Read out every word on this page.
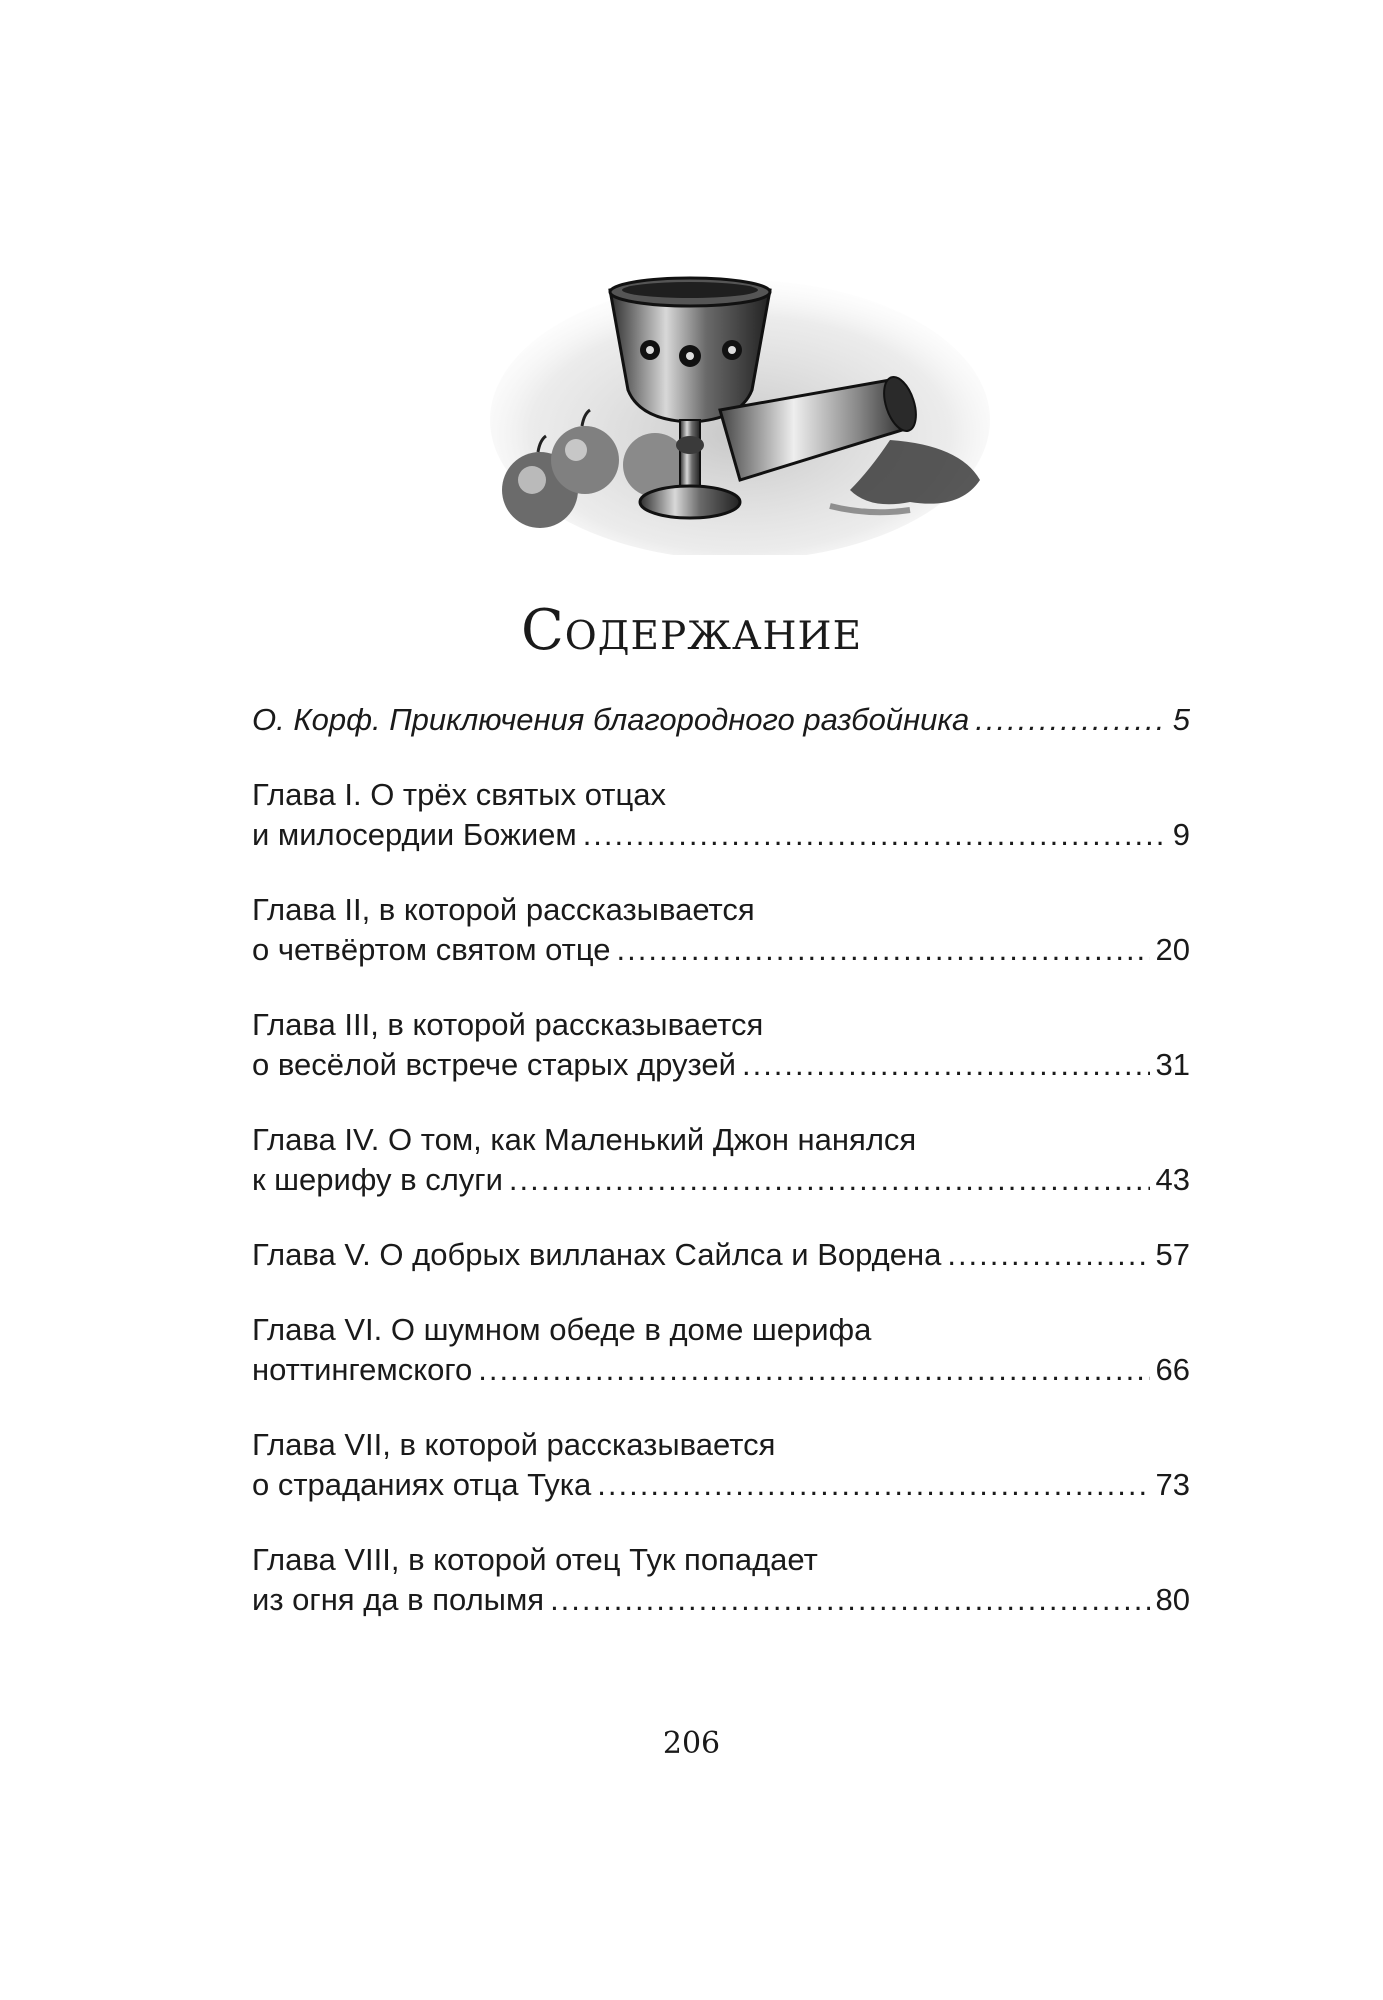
Содержание
О. Корф. Приключения благородного разбойника .....	5
Глава I. О трёх святых отцах
и милосердии Божием .....	9
Глава II, в которой рассказывается
о четвёртом святом отце .....	20
Глава III, в которой рассказывается
о весёлой встрече старых друзей .....	31
Глава IV. О том, как Маленький Джон нанялся
к шерифу в слуги .....	43
Глава V. О добрых вилланах Сайлса и Вордена .....	57
Глава VI. О шумном обеде в доме шерифа
ноттингемского .....	66
Глава VII, в которой рассказывается
о страданиях отца Тука .....	73
Глава VIII, в которой отец Тук попадает
из огня да в полымя .....	80
206
